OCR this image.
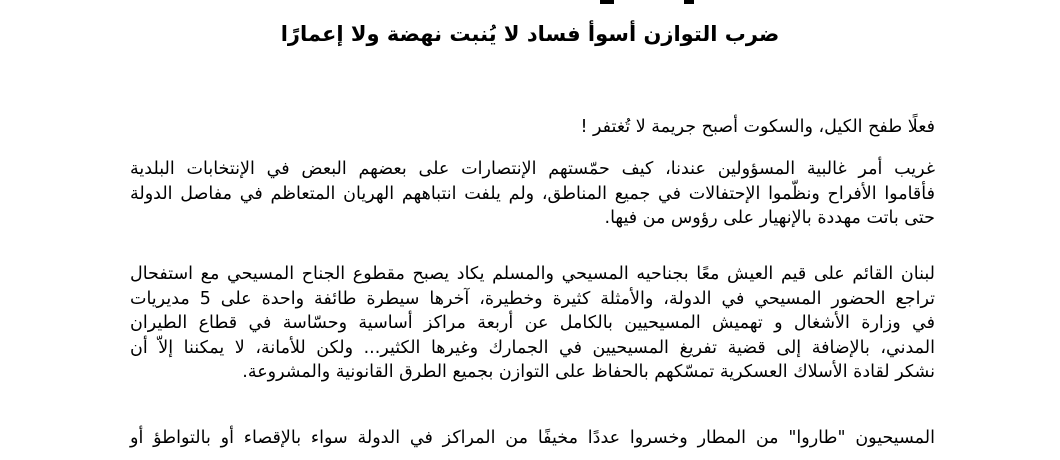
ضرب التوازن أسوأ فساد لا يُنبت نهضة ولا إعمارًا
فعلًا طفح الكيل، والسكوت أصبح جريمة لا تُغتفر !
غريب أمر غالبية المسؤولين عندنا، كيف حمّستهم الإنتصارات على بعضهم البعض في الإنتخابات البلدية
فأقاموا الأفراح ونظّموا الإحتفالات في جميع المناطق، ولم يلفت انتباههم الهريان المتعاظم في مفاصل الدولة
حتى باتت مهددة بالإنهيار على رؤوس من فيها.
لبنان القائم على قيم العيش معًا بجناحيه المسيحي والمسلم يكاد يصبح مقطوع الجناح المسيحي مع استفحال
تراجع الحضور المسيحي في الدولة، والأمثلة كثيرة وخطيرة، آخرها سيطرة طائفة واحدة على 5 مديريات
في وزارة الأشغال و تهميش المسيحيين بالكامل عن أربعة مراكز أساسية وحسّاسة في قطاع الطيران
المدني، بالإضافة إلى قضية تفريغ المسيحيين في الجمارك وغيرها الكثير... ولكن للأمانة، لا يمكننا إلاّ أن
نشكر لقادة الأسلاك العسكرية تمسّكهم بالحفاظ على التوازن بجميع الطرق القانونية والمشروعة.
المسيحيون "طاروا" من المطار وخسروا عددًا مخيفًا من المراكز في الدولة سواء بالإقصاء أو بالتواطؤ أو
